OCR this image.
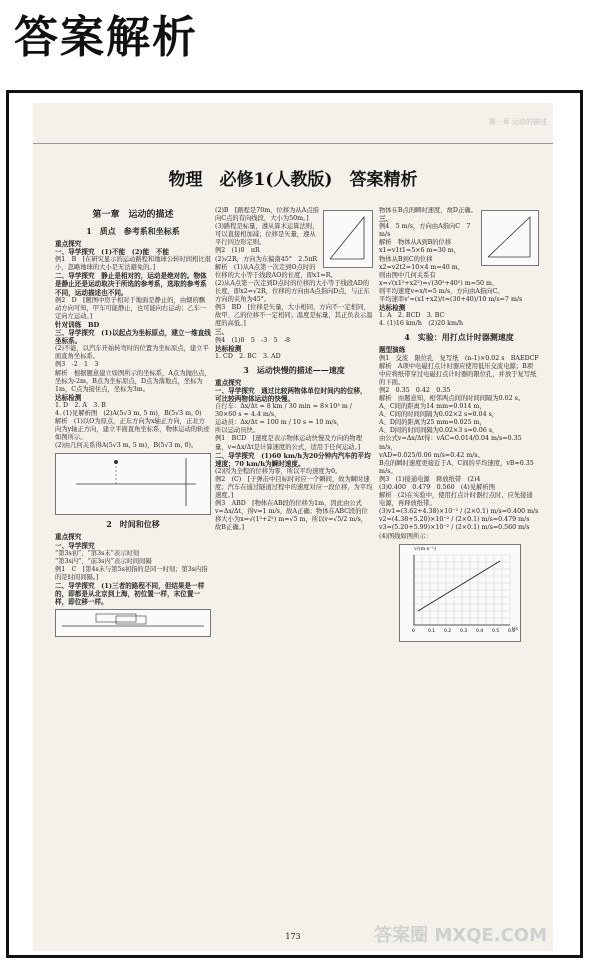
答案解析
第一章 运动的描述
物理　必修1(人教版)　答案精析
第一章　运动的描述
1　质点　参考系和坐标系

重点探究

一、导学探究　(1)不能　(2)能　不能

例1　B　[在研究显示的运动路程和地球公转时间相比很小，忽略地球的大小是无法避免的。]

二、导学探究　静止是相对的，运动是绝对的。物体是静止还是运动取决于所选的参考系，选取的参考系不同，运动描述也不同。

例2　D　[题图中房子相对于地面是静止的，由烟的飘动方向可知，甲车可能静止，也可能向右运动；乙车一定向左运动。]

针对训练　BD

三、导学探究　(1)以起点为坐标原点，建立一维直线坐标系。

(2)不能，以汽车开始转弯时的位置为坐标原点，建立平面直角坐标系。

例3　-2　1　3

解析　根据题意建立如图所示的坐标系，A点为抛出点，坐标为-2m，B点为坐标原点，D点为落地点，坐标为1m，C点为接住点，坐标为3m。

达标检测

1. D　2. A　3. B

4. (1)见解析图　(2)A(5√3 m, 5 m)，B(5√3 m, 0)

解析　(1)以O为原点，正东方向为x轴正方向，正北方向为y轴正方向，建立平面直角坐标系，物体运动的轨迹如图所示。

(2)由几何关系得A(5√3 m, 5 m)，B(5√3 m, 0)。

2　时间和位移

重点探究

一、导学探究

“第3s初”、“第3s末”表示时刻

“第3s内”、“前3s内”表示时间间隔

例1　C　[第4s末与第5s初指的是同一时刻；第3s内指的是时间间隔。]

二、导学探究　(1)三者的路程不同，但结果是一样的，即都是从北京到上海，初位置一样，末位置一样，即位移一样。

(2)B　[路程是70m，位移为从A点指向C点的有向线段，大小为50m。]

(3)路程是标量，遵从算术运算法则，可以直接相加减；位移是矢量，遵从平行四边形定则。

例2　(1)0　πR

(2)√2R，方向为东偏南45°　2.5πR

解析　(1)从A点第一次走到O点时的位移的大小等于线段AO的长度，即x1=R。

(2)从A点第一次走到D点时的位移的大小等于线段AD的长度，即x2=√2R，位移的方向由A点指向D点，与正东方向的夹角为45°。

例3　BD　[位移是矢量，大小相同，方向不一定相同，故甲、乙的位移不一定相同；温度是标量，其正负表示温度的高低。]

三、

例4　(1)0　5　-3　5　-8

达标检测

1. CD　2. BC　3. AD

3　运动快慢的描述——速度

重点探究

一、导学探究　通过比较两物体单位时间内的位移，可比较两物体运动的快慢。

自行车：Δx/Δt = 8 km / 30 min = 8×10³ m / 30×60 s ≈ 4.4 m/s，

运动员：Δx/Δt = 100 m / 10 s = 10 m/s，

所以运动员快。

例1　BCD　[速度是表示物体运动快慢及方向的物理量，v=Δx/Δt是计算速度的公式，适用于任何运动。]

二、导学探究　(1)60 km/h为20分钟内汽车的平均速度；70 km/h为瞬时速度。

(2)因为全程的位移为零，所以平均速度为0。

例2　(C)　[子弹击中目标时对应一个瞬间，故为瞬时速度；汽车在通过隧道过程中的速度对应一段位移，为平均速度。]

例3　ABD　[物体在AB段的位移为1m，因此由公式v=Δx/Δt，得v=1 m/s，故A正确；物体在ABC段的位移大小为x=√(1²+2²) m=√5 m，所以v=√5/2 m/s，故B正确。]

物体在B点的瞬时速度，故D正确。

三、

例4　5 m/s，方向由A指向C　7 m/s

解析　物体从A到B的位移

x1=v1t1=5×6 m=30 m，

物体从B到C的位移

x2=v2t2=10×4 m=40 m，

则由图中几何关系有

x=√(x1²+x2²)=√(30²+40²) m=50 m，

则平均速度v=x/t=5 m/s，方向由A指向C。

平均速率v'=(x1+x2)/t=(30+40)/10 m/s=7 m/s

达标检测

1. A　2. BCD　3. BC

4. (1)16 km/h　(2)20 km/h

4　实验：用打点计时器测速度

题型演练

例1　交流　限位孔　复写纸　(n-1)×0.02 s　BAEDCF

解析　A项中电磁打点计时器应使用低压交流电源；B项中应将纸带穿过电磁打点计时器的限位孔，并放于复写纸的下面。

例2　0.35　0.42　0.35

解析　由题意知，相邻两点间的时间间隔为0.02 s。

A、C间的距离为14 mm=0.014 m，

A、C间的时间间隔为0.02×2 s=0.04 s，

A、D间的距离为25 mm=0.025 m，

A、D间的时间间隔为0.02×3 s=0.06 s，

由公式v=Δx/Δt得：vAC=0.014/0.04 m/s=0.35 m/s，

vAD=0.025/0.06 m/s≈0.42 m/s。

B点的瞬时速度更接近于A、C间的平均速度，vB≈0.35 m/s。

例3　(1)接通电源　释放纸带　(2)4

(3)0.400　0.479　0.560　(4)见解析图

解析　(2)在实验中，使用打点计时器打点时，应先接通电源，再释放纸带。

(3)v1=(3.62+4.38)×10⁻² / (2×0.1) m/s=0.400 m/s

v2=(4.38+5.20)×10⁻² / (2×0.1) m/s=0.479 m/s

v3=(5.20+5.99)×10⁻² / (2×0.1) m/s=0.560 m/s

(4)图线如图所示：

0	0.1 0.2 0.3 0.4 0.5 0.6
v/(m·s⁻¹)
t/s
173	答案圈 MXQE.COM
